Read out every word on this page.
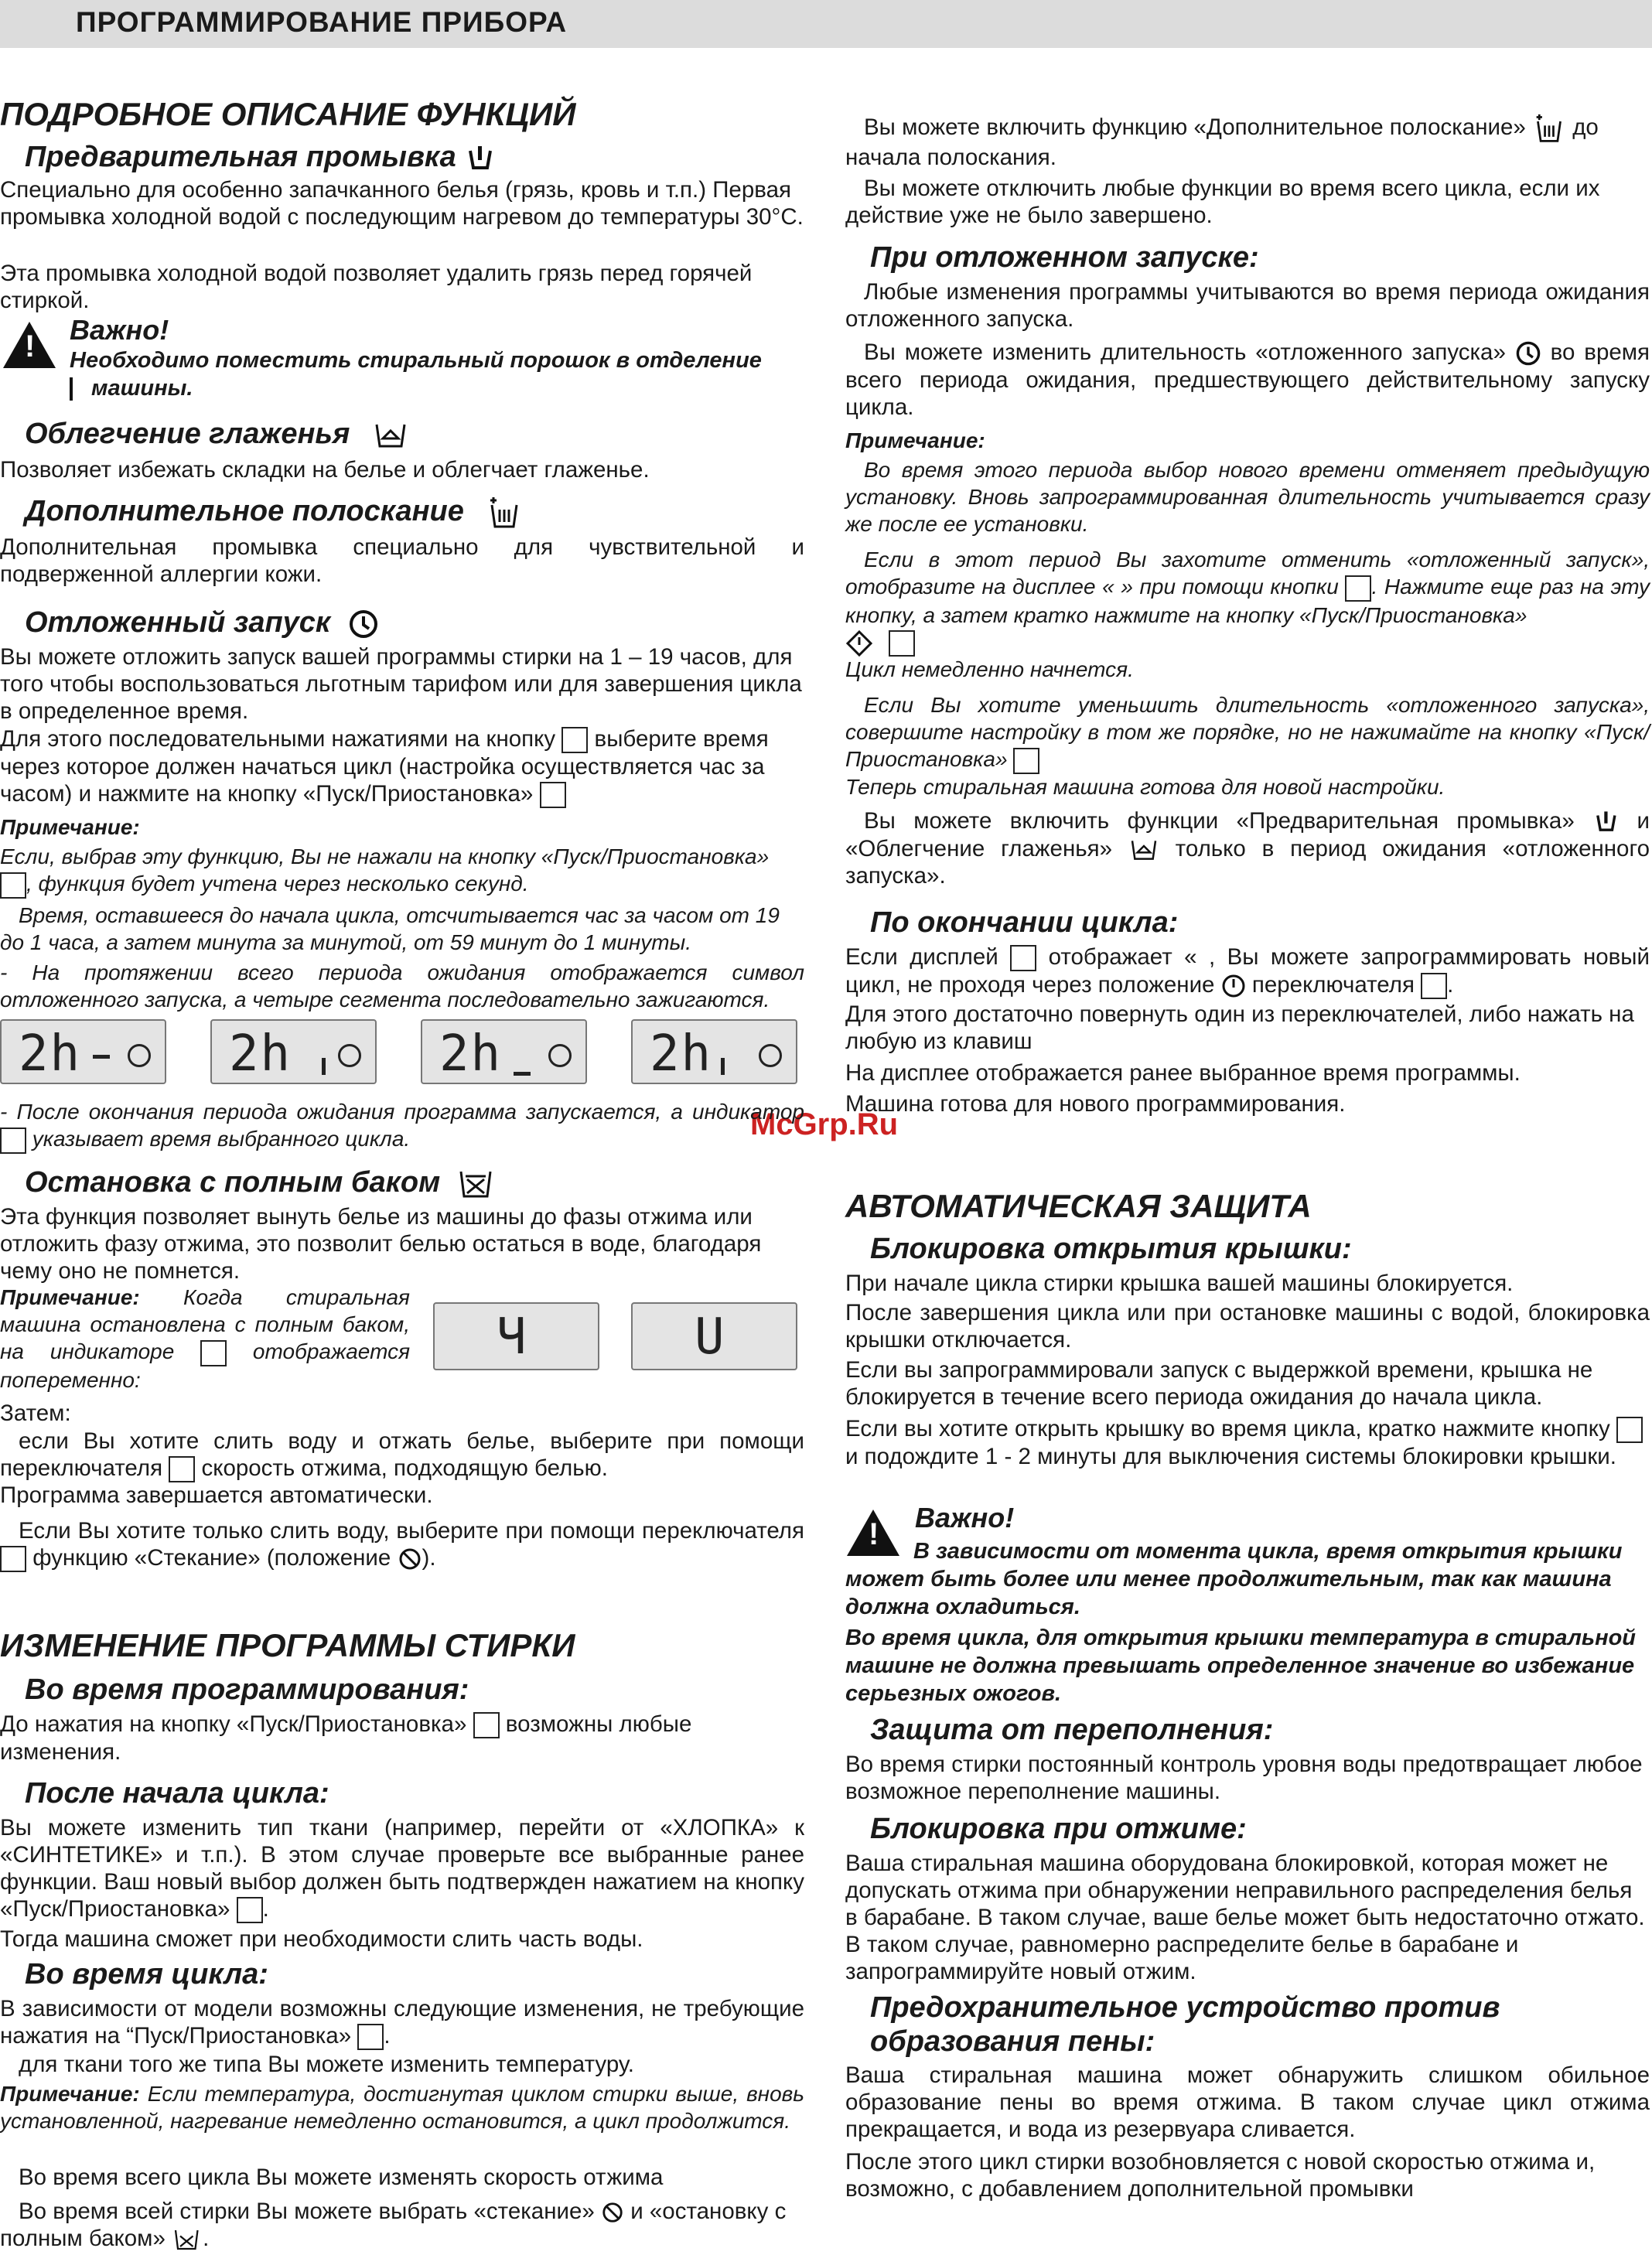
ПРОГРАММИРОВАНИЕ ПРИБОРА
McGrp.Ru
ПОДРОБНОЕ ОПИСАНИЕ ФУНКЦИЙ
Предварительная промывка

Специально для особенно запачканного белья (грязь, кровь и т.п.) Первая промывка холодной водой с последующим нагревом до температуры 30°С.

Эта промывка холодной водой позволяет удалить грязь перед горячей стиркой.

! Важно!
Необходимо поместить стиральный порошок в отделение
машины.
Облегчение глаженья

Позволяет избежать складки на белье и облегчает глаженье.

Дополнительное полоскание

Дополнительная промывка специально для чувствительной и подверженной аллергии кожи.

Отложенный запуск

Вы можете отложить запуск вашей программы стирки на 1 – 19 часов, для того чтобы воспользоваться льготным тарифом или для завершения цикла в определенное время.

Для этого последовательными нажатиями на кнопку выберите время через которое должен начаться цикл (настройка осуществляется час за часом) и нажмите на кнопку «Пуск/Приостановка»

Примечание:

Если, выбрав эту функцию, Вы не нажали на кнопку «Пуск/Приостановка»
, функция будет учтена через несколько секунд.

Время, оставшееся до начала цикла, отсчитывается час за часом от 19 до 1 часа, а затем минута за минутой, от 59 минут до 1 минуты.

- На протяжении всего периода ожидания отображается символ отложенного запуска, а четыре сегмента последовательно зажигаются.

2h	2h	2h	2h

- После окончания периода ожидания программа запускается, а индикатор  указывает время выбранного цикла.

Остановка с полным баком

Эта функция позволяет вынуть белье из машины до фазы отжима или отложить фазу отжима, это позволит белью остаться в воде, благодаря чему оно не помнется.

Примечание: Когда стиральная машина остановлена с полным баком, на индикаторе	отображается попеременно:

Ч	U

Затем:

если Вы хотите слить воду и отжать белье, выберите при помощи переключателя скорость отжима, подходящую белью.

Программа завершается автоматически.

Если Вы хотите только слить воду, выберите при помощи переключателя  функцию «Стекание» (положение ).

ИЗМЕНЕНИЕ ПРОГРАММЫ СТИРКИ
Во время программирования:

До нажатия на кнопку «Пуск/Приостановка» возможны любые изменения.

После начала цикла:

Вы можете изменить тип ткани (например, перейти от «ХЛОПКА» к «СИНТЕТИКЕ» и т.п.). В этом случае проверьте все выбранные ранее функции. Ваш новый выбор должен быть подтвержден нажатием на кнопку «Пуск/Приостановка» .

Тогда машина сможет при необходимости слить часть воды.

Во время цикла:

В зависимости от модели возможны следующие изменения, не требующие нажатия на “Пуск/Приостановка» .

для ткани того же типа Вы можете изменить температуру.

Примечание: Если температура, достигнутая циклом стирки выше, вновь установленной, нагревание немедленно остановится, а цикл продолжится.

Во время всего цикла Вы можете изменять скорость отжима

Во время всей стирки Вы можете выбрать «стекание» и «остановку с полным баком» .

Вы можете включить функцию «Дополнительное полоскание» до начала полоскания.

Вы можете отключить любые функции во время всего цикла, если их действие уже не было завершено.

При отложенном запуске:

Любые изменения программы учитываются во время периода ожидания отложенного запуска.

Вы можете изменить длительность «отложенного запуска» во время всего периода ожидания, предшествующего действительному запуску цикла.

Примечание:

Во время этого периода выбор нового времени отменяет предыдущую установку. Вновь запрограммированная длительность учитывается сразу же после ее установки.

Если в этот период Вы захотите отменить «отложенный запуск», отобразите на дисплее « » при помощи кнопки . Нажмите еще раз на эту кнопку, а затем кратко нажмите на кнопку «Пуск/Приостановка»

Цикл немедленно начнется.

Если Вы хотите уменьшить длительность «отложенного запуска», совершите настройку в том же порядке, но не нажимайте на кнопку «Пуск/Приостановка»

Теперь стиральная машина готова для новой настройки.

Вы можете включить функции «Предварительная промывка»	и «Облегчение глаженья»	только в период ожидания «отложенного запуска».

По окончании цикла:

Если дисплей отображает « , Вы можете запрограммировать новый цикл, не проходя через положение переключателя .

Для этого достаточно повернуть один из переключателей, либо нажать на любую из клавиш

На дисплее отображается ранее выбранное время программы.

Машина готова для нового программирования.

АВТОМАТИЧЕСКАЯ ЗАЩИТА
Блокировка открытия крышки:

При начале цикла стирки крышка вашей машины блокируется.

После завершения цикла или при остановке машины с водой, блокировка крышки отключается.

Если вы запрограммировали запуск с выдержкой времени, крышка не блокируется в течение всего периода ожидания до начала цикла.

Если вы хотите открыть крышку во время цикла, кратко нажмите кнопку  и подождите 1 - 2 минуты для выключения системы блокировки крышки.

! Важно!

В зависимости от момента цикла, время открытия крышки может быть более или менее продолжительным, так как машина должна охладиться.

Во время цикла, для открытия крышки температура в стиральной машине не должна превышать определенное значение во избежание серьезных ожогов.

Защита от переполнения:

Во время стирки постоянный контроль уровня воды предотвращает любое возможное переполнение машины.

Блокировка при отжиме:

Ваша стиральная машина оборудована блокировкой, которая может не допускать отжима при обнаружении неправильного распределения белья в барабане. В таком случае, ваше белье может быть недостаточно отжато. В таком случае, равномерно распределите белье в барабане и запрограммируйте новый отжим.

Предохранительное устройство против образования пены:

Ваша стиральная машина может обнаружить слишком обильное образование пены во время отжима. В таком случае цикл отжима прекращается, и вода из резервуара сливается.

После этого цикл стирки возобновляется с новой скоростью отжима и, возможно, с добавлением дополнительной промывки
